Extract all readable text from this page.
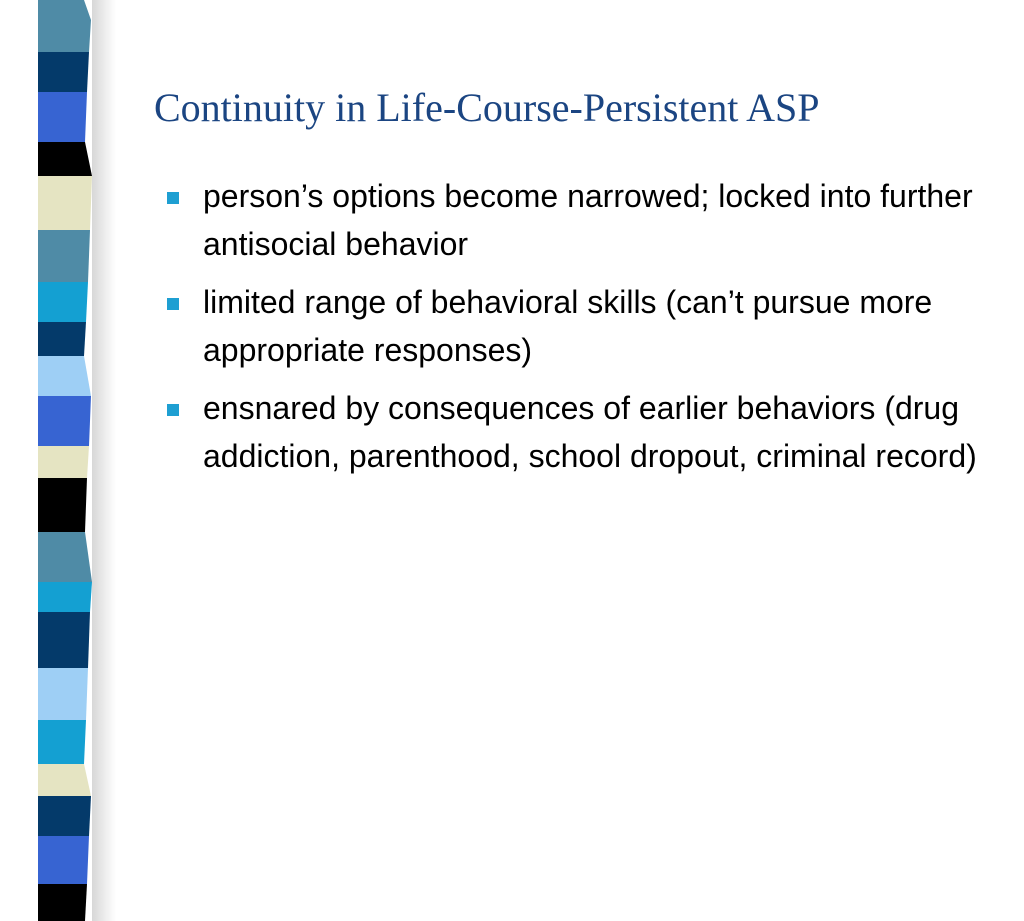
Continuity in Life-Course-Persistent ASP
person’s options become narrowed; locked into further antisocial behavior
limited range of behavioral skills (can’t pursue more appropriate responses)
ensnared by consequences of earlier behaviors (drug addiction, parenthood, school dropout, criminal record)
